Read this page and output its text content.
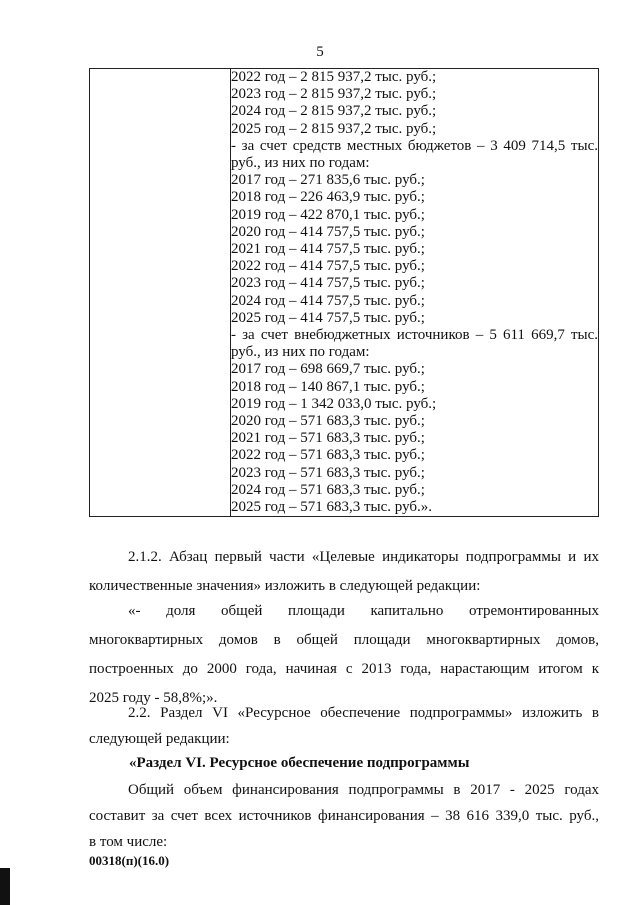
5

2022 год – 2 815 937,2 тыс. руб.;
2023 год – 2 815 937,2 тыс. руб.;
2024 год – 2 815 937,2 тыс. руб.;
2025 год – 2 815 937,2 тыс. руб.;
- за счет средств местных бюджетов – 3 409 714,5 тыс.
руб., из них по годам:
2017 год – 271 835,6 тыс. руб.;
2018 год – 226 463,9 тыс. руб.;
2019 год – 422 870,1 тыс. руб.;
2020 год – 414 757,5 тыс. руб.;
2021 год – 414 757,5 тыс. руб.;
2022 год – 414 757,5 тыс. руб.;
2023 год – 414 757,5 тыс. руб.;
2024 год – 414 757,5 тыс. руб.;
2025 год – 414 757,5 тыс. руб.;
- за счет внебюджетных источников – 5 611 669,7 тыс.
руб., из них по годам:
2017 год – 698 669,7 тыс. руб.;
2018 год – 140 867,1 тыс. руб.;
2019 год – 1 342 033,0 тыс. руб.;
2020 год – 571 683,3 тыс. руб.;
2021 год – 571 683,3 тыс. руб.;
2022 год – 571 683,3 тыс. руб.;
2023 год – 571 683,3 тыс. руб.;
2024 год – 571 683,3 тыс. руб.;
2025 год – 571 683,3 тыс. руб.».
2.1.2. Абзац первый части «Целевые индикаторы подпрограммы и их
количественные значения» изложить в следующей редакции:
«- доля общей площади капитально отремонтированных
многоквартирных домов в общей площади многоквартирных домов,
построенных до 2000 года, начиная с 2013 года, нарастающим итогом к
2025 году - 58,8%;».
2.2. Раздел VI «Ресурсное обеспечение подпрограммы» изложить в
следующей редакции:
«Раздел VI. Ресурсное обеспечение подпрограммы
Общий объем финансирования подпрограммы в 2017 - 2025 годах
составит за счет всех источников финансирования – 38 616 339,0 тыс. руб.,
в том числе:
00318(п)(16.0)
